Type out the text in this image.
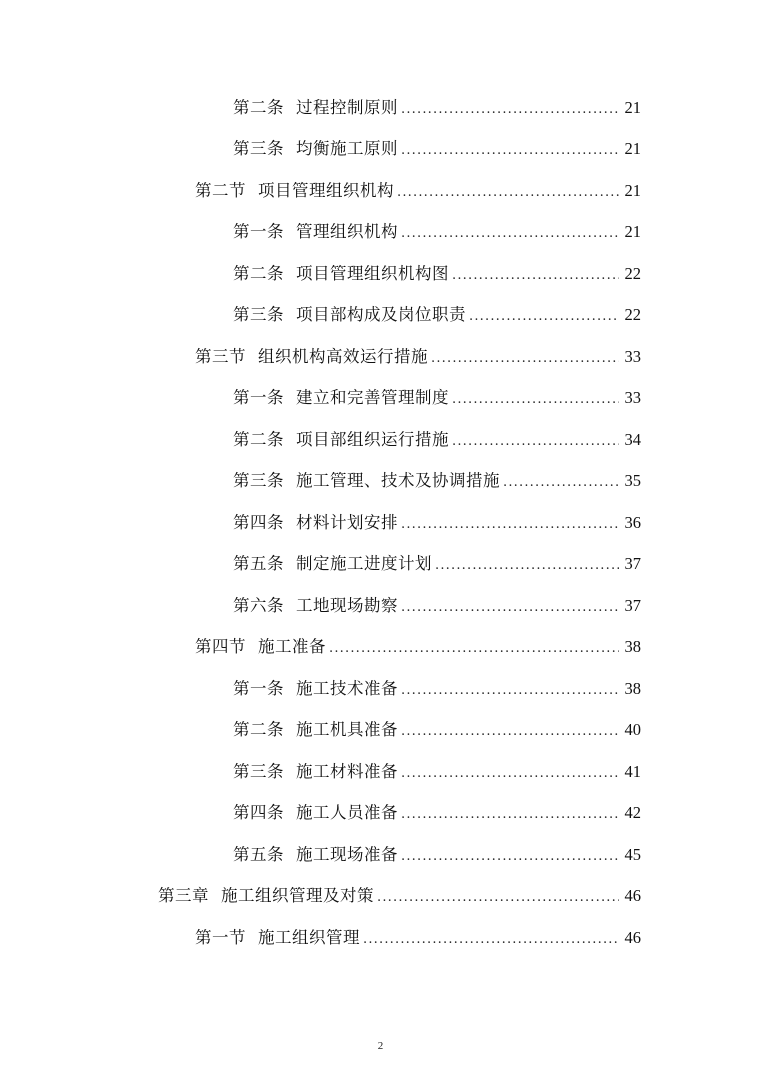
第二条 过程控制原则 .....	21
第三条 均衡施工原则 .....	21
第二节 项目管理组织机构 .....	21
第一条 管理组织机构 .....	21
第二条 项目管理组织机构图 .....	22
第三条 项目部构成及岗位职责 .....	22
第三节 组织机构高效运行措施 .....	33
第一条 建立和完善管理制度 .....	33
第二条 项目部组织运行措施 .....	34
第三条 施工管理、技术及协调措施 .....	35
第四条 材料计划安排 .....	36
第五条 制定施工进度计划 .....	37
第六条 工地现场勘察 .....	37
第四节 施工准备 .....	38
第一条 施工技术准备 .....	38
第二条 施工机具准备 .....	40
第三条 施工材料准备 .....	41
第四条 施工人员准备 .....	42
第五条 施工现场准备 .....	45
第三章 施工组织管理及对策 .....	46
第一节 施工组织管理 .....	46
2
